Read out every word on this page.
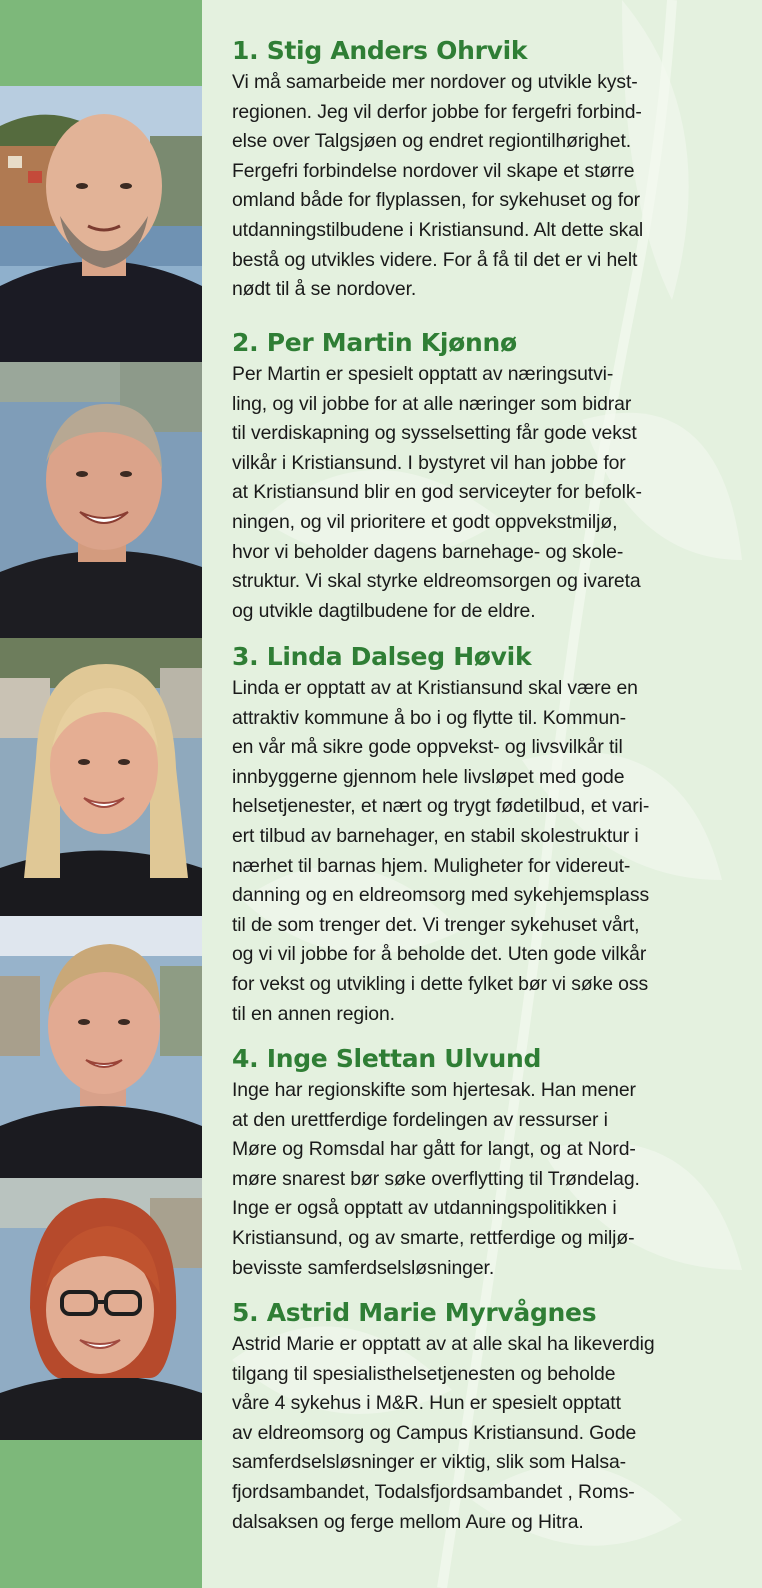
1. Stig Anders Ohrvik

Vi må samarbeide mer nordover og utvikle kyst-
regionen. Jeg vil derfor jobbe for fergefri forbind-
else over Talgsjøen og endret regiontilhørighet.
Fergefri forbindelse nordover vil skape et større
omland både for flyplassen, for sykehuset og for
utdanningstilbudene i Kristiansund. Alt dette skal
bestå og utvikles videre. For å få til det er vi helt
nødt til å se nordover.

2. Per Martin Kjønnø

Per Martin er spesielt opptatt av næringsutvi-
ling, og vil jobbe for at alle næringer som bidrar
til verdiskapning og sysselsetting får gode vekst
vilkår i Kristiansund. I bystyret vil han jobbe for
at Kristiansund blir en god serviceyter for befolk-
ningen, og vil prioritere et godt oppvekstmiljø,
hvor vi beholder dagens barnehage- og skole-
struktur. Vi skal styrke eldreomsorgen og ivareta
og utvikle dagtilbudene for de eldre.

3. Linda Dalseg Høvik

Linda er opptatt av at Kristiansund skal være en
attraktiv kommune å bo i og flytte til. Kommun-
en vår må sikre gode oppvekst- og livsvilkår til
innbyggerne gjennom hele livsløpet med gode
helsetjenester, et nært og trygt fødetilbud, et vari-
ert tilbud av barnehager, en stabil skolestruktur i
nærhet til barnas hjem. Muligheter for videreut-
danning og en eldreomsorg med sykehjemsplass
til de som trenger det. Vi trenger sykehuset vårt,
og vi vil jobbe for å beholde det. Uten gode vilkår
for vekst og utvikling i dette fylket bør vi søke oss
til en annen region.

4. Inge Slettan Ulvund

Inge har regionskifte som hjertesak. Han mener
at den urettferdige fordelingen av ressurser i
Møre og Romsdal har gått for langt, og at Nord-
møre snarest bør søke overflytting til Trøndelag.
Inge er også opptatt av utdanningspolitikken i
Kristiansund, og av smarte, rettferdige og miljø-
bevisste samferdselsløsninger.

5. Astrid Marie Myrvågnes

Astrid Marie er opptatt av at alle skal ha likeverdig
tilgang til spesialisthelsetjenesten og beholde
våre 4 sykehus i M&R. Hun er spesielt opptatt
av eldreomsorg og Campus Kristiansund. Gode
samferdselsløsninger er viktig, slik som Halsa-
fjordsambandet, Todalsfjordsambandet , Roms-
dalsaksen og ferge mellom Aure og Hitra.
